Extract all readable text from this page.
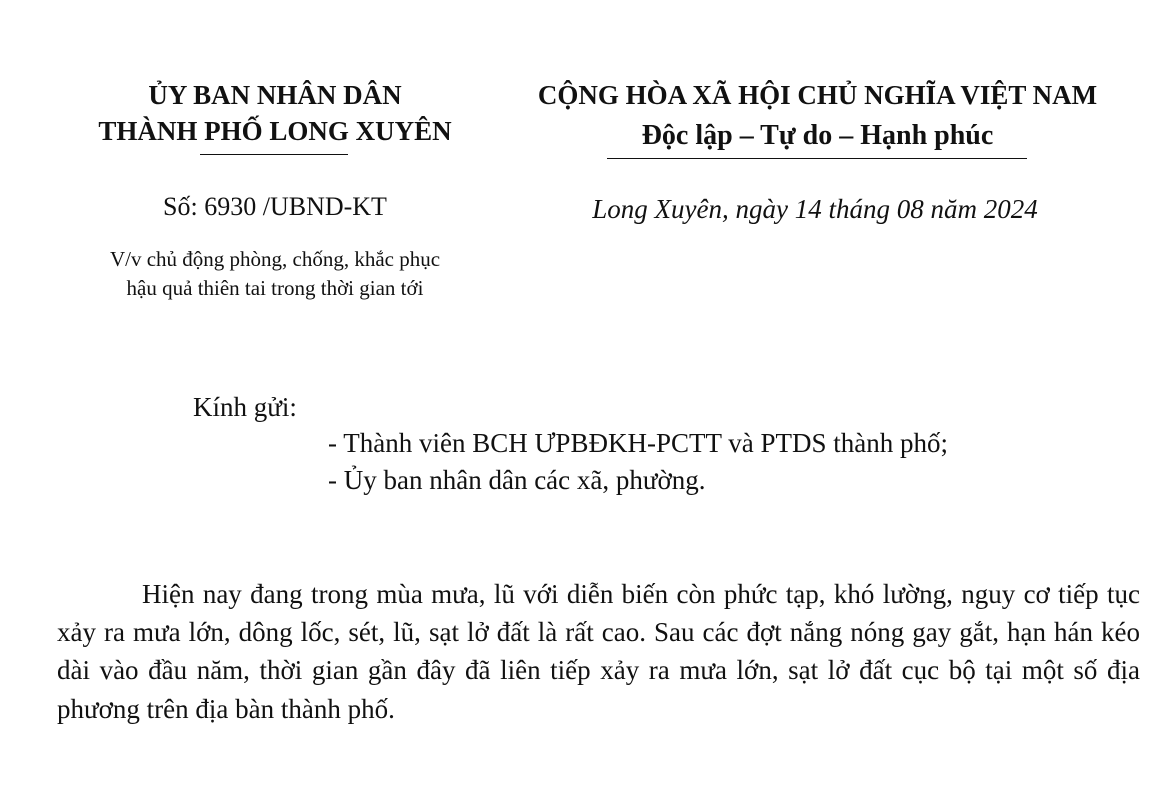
ỦY BAN NHÂN DÂN
THÀNH PHỐ LONG XUYÊN
CỘNG HÒA XÃ HỘI CHỦ NGHĨA VIỆT NAM
Độc lập – Tự do – Hạnh phúc
Số: 6930 /UBND-KT	Long Xuyên, ngày 14 tháng 08 năm 2024
V/v chủ động phòng, chống, khắc phục
hậu quả thiên tai trong thời gian tới
Kính gửi:
- Thành viên BCH ƯPBĐKH-PCTT và PTDS thành phố;
- Ủy ban nhân dân các xã, phường.
Hiện nay đang trong mùa mưa, lũ với diễn biến còn phức tạp, khó lường, nguy cơ tiếp tục xảy ra mưa lớn, dông lốc, sét, lũ, sạt lở đất là rất cao. Sau các đợt nắng nóng gay gắt, hạn hán kéo dài vào đầu năm, thời gian gần đây đã liên tiếp xảy ra mưa lớn, sạt lở đất cục bộ tại một số địa phương trên địa bàn thành phố.
